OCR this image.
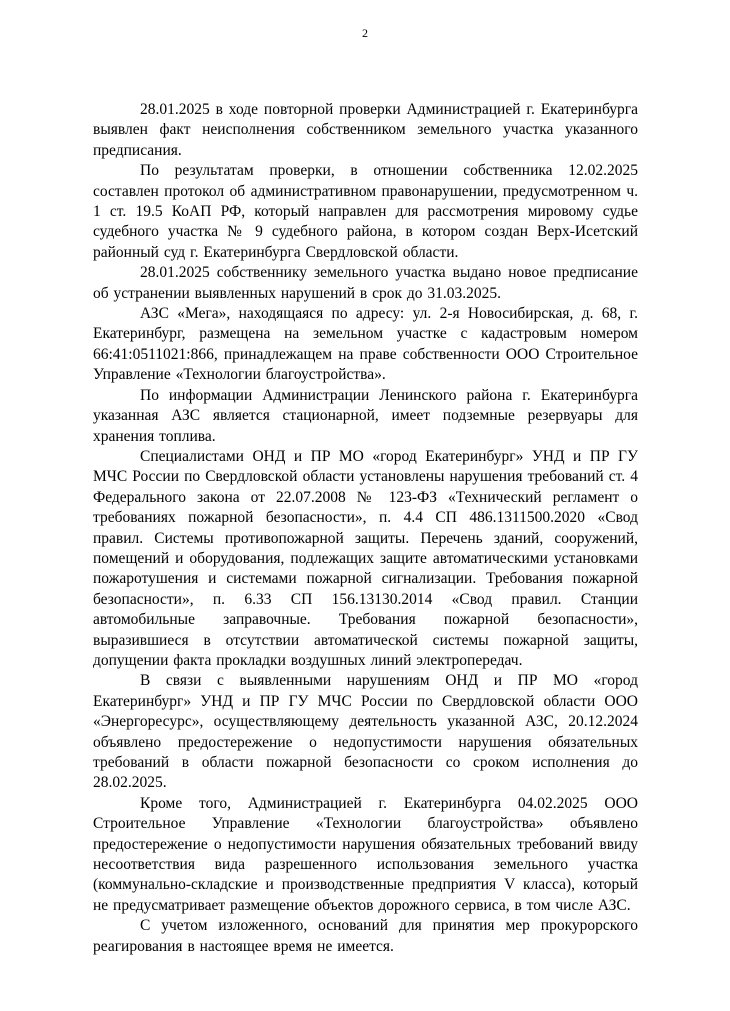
2

28.01.2025 в ходе повторной проверки Администрацией г. Екатеринбурга выявлен факт неисполнения собственником земельного участка указанного предписания.

По результатам проверки, в отношении собственника 12.02.2025 составлен протокол об административном правонарушении, предусмотренном ч. 1 ст. 19.5 КоАП РФ, который направлен для рассмотрения мировому судье судебного участка № 9 судебного района, в котором создан Верх-Исетский районный суд г. Екатеринбурга Свердловской области.

28.01.2025 собственнику земельного участка выдано новое предписание об устранении выявленных нарушений в срок до 31.03.2025.

АЗС «Мега», находящаяся по адресу: ул. 2-я Новосибирская, д. 68, г. Екатеринбург, размещена на земельном участке с кадастровым номером 66:41:0511021:866, принадлежащем на праве собственности ООО Строительное Управление «Технологии благоустройства».

По информации Администрации Ленинского района г. Екатеринбурга указанная АЗС является стационарной, имеет подземные резервуары для хранения топлива.

Специалистами ОНД и ПР МО «город Екатеринбург» УНД и ПР ГУ МЧС России по Свердловской области установлены нарушения требований ст. 4 Федерального закона от 22.07.2008 № 123-ФЗ «Технический регламент о требованиях пожарной безопасности», п. 4.4 СП 486.1311500.2020 «Свод правил. Системы противопожарной защиты. Перечень зданий, сооружений, помещений и оборудования, подлежащих защите автоматическими установками пожаротушения и системами пожарной сигнализации. Требования пожарной безопасности», п. 6.33 СП 156.13130.2014 «Свод правил. Станции автомобильные заправочные. Требования пожарной безопасности», выразившиеся в отсутствии автоматической системы пожарной защиты, допущении факта прокладки воздушных линий электропередач.

В связи с выявленными нарушениям ОНД и ПР МО «город Екатеринбург» УНД и ПР ГУ МЧС России по Свердловской области ООО «Энергоресурс», осуществляющему деятельность указанной АЗС, 20.12.2024 объявлено предостережение о недопустимости нарушения обязательных требований в области пожарной безопасности со сроком исполнения до 28.02.2025.

Кроме того, Администрацией г. Екатеринбурга 04.02.2025 ООО Строительное Управление «Технологии благоустройства» объявлено предостережение о недопустимости нарушения обязательных требований ввиду несоответствия вида разрешенного использования земельного участка (коммунально-складские и производственные предприятия V класса), который не предусматривает размещение объектов дорожного сервиса, в том числе АЗС.

С учетом изложенного, оснований для принятия мер прокурорского реагирования в настоящее время не имеется.
